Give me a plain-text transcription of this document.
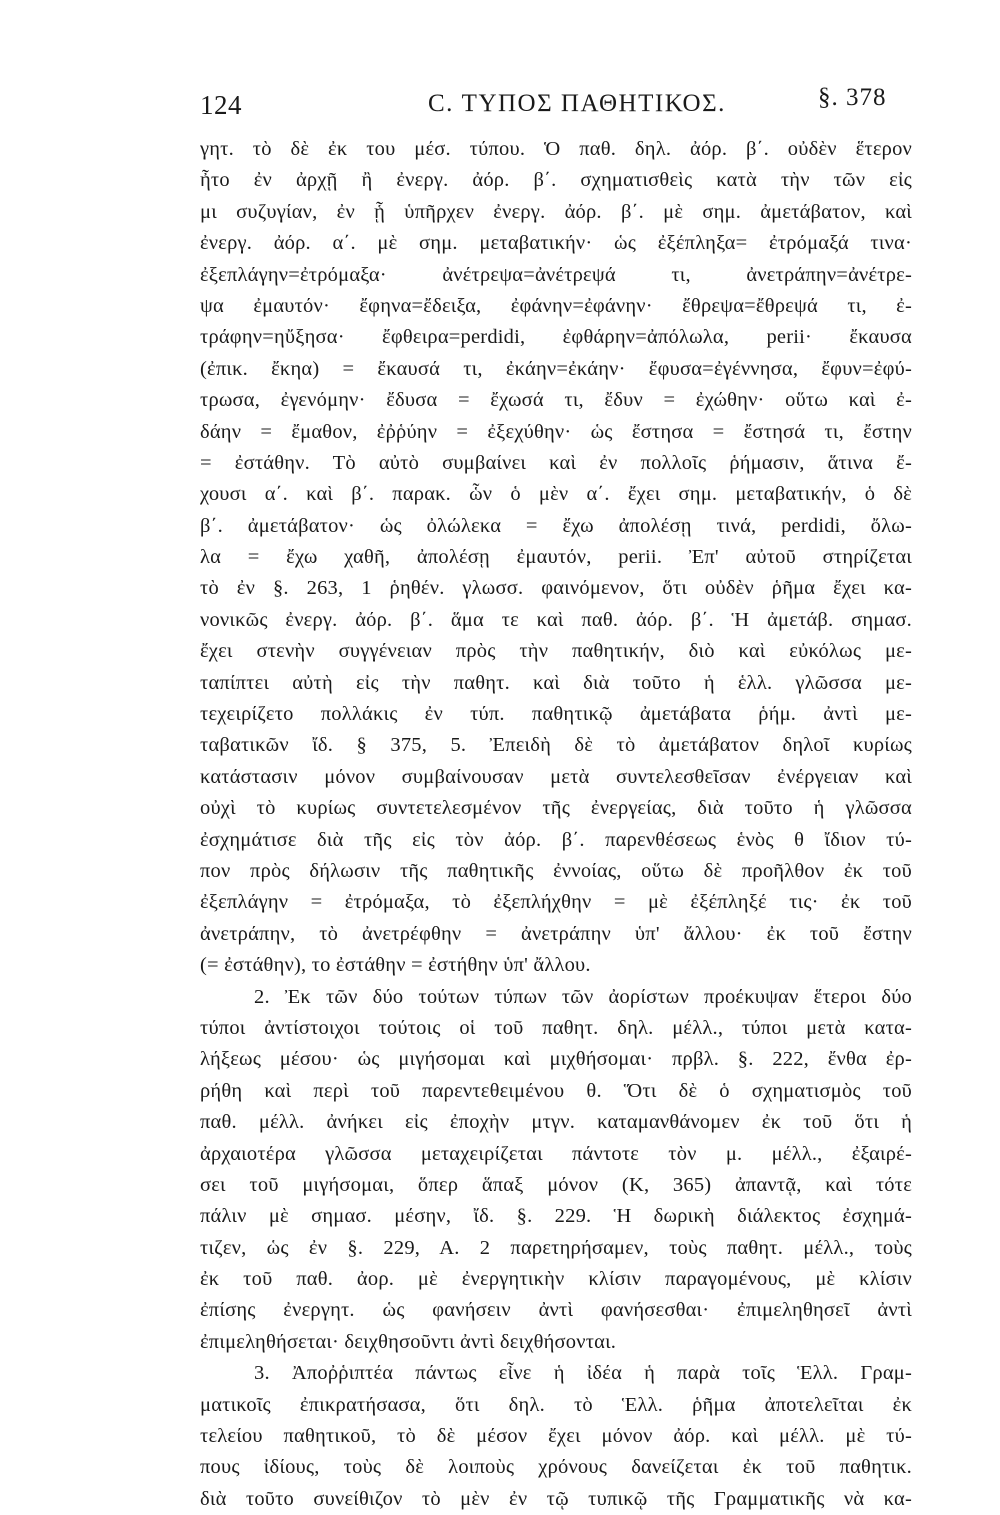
124	C. ΤΥΠΟΣ ΠΑΘΗΤΙΚΟΣ.	§. 378
γητ. τὸ δὲ ἐκ του μέσ. τύπου. Ὁ παθ. δηλ. ἀόρ. β΄. οὐδὲν ἕτερον
ἦτο ἐν ἀρχῇ ἢ ἐνεργ. ἀόρ. β΄. σχηματισθεὶς κατὰ τὴν τῶν εἰς
μι συζυγίαν, ἐν ᾗ ὑπῆρχεν ἐνεργ. ἀόρ. β΄. μὲ σημ. ἀμετάβατον, καὶ
ἐνεργ. ἀόρ. α΄. μὲ σημ. μεταβατικήν· ὡς ἐξέπληξα= ἐτρόμαξά τινα·
ἐξεπλάγην=ἐτρόμαξα· ἀνέτρεψα=ἀνέτρεψά τι, ἀνετράπην=ἀνέτρε-
ψα ἐμαυτόν· ἔφηνα=ἔδειξα, ἐφάνην=ἐφάνην· ἔθρεψα=ἔθρεψά τι, ἐ-
τράφην=ηὔξησα· ἔφθειρα=perdidi, ἐφθάρην=ἀπόλωλα, perii· ἔκαυσα
(ἐπικ. ἔκηα) = ἔκαυσά τι, ἐκάην=ἐκάην· ἔφυσα=ἐγέννησα, ἔφυν=ἐφύ-
τρωσα, ἐγενόμην· ἔδυσα = ἔχωσά τι, ἔδυν = ἐχώθην· οὕτω καὶ ἐ-
δάην = ἔμαθον, ἐῤῥύην = ἐξεχύθην· ὡς ἔστησα = ἔστησά τι, ἔστην
= ἐστάθην. Τὸ αὐτὸ συμβαίνει καὶ ἐν πολλοῖς ῥήμασιν, ἅτινα ἔ-
χουσι α΄. καὶ β΄. παρακ. ὧν ὁ μὲν α΄. ἔχει σημ. μεταβατικήν, ὁ δὲ
β΄. ἀμετάβατον· ὡς ὀλώλεκα = ἔχω ἀπολέσῃ τινά, perdidi, ὄλω-
λα = ἔχω χαθῆ, ἀπολέσῃ ἐμαυτόν, perii. Ἐπ' αὐτοῦ στηρίζεται
τὸ ἐν §. 263, 1 ῥηθέν. γλωσσ. φαινόμενον, ὅτι οὐδὲν ῥῆμα ἔχει κα-
νονικῶς ἐνεργ. ἀόρ. β΄. ἅμα τε καὶ παθ. ἀόρ. β΄. Ἡ ἀμετάβ. σημασ.
ἔχει στενὴν συγγένειαν πρὸς τὴν παθητικήν, διὸ καὶ εὐκόλως με-
ταπίπτει αὐτὴ εἰς τὴν παθητ. καὶ διὰ τοῦτο ἡ ἑλλ. γλῶσσα με-
τεχειρίζετο πολλάκις ἐν τύπ. παθητικῷ ἀμετάβατα ῥήμ. ἀντὶ με-
ταβατικῶν ἴδ. § 375, 5. Ἐπειδὴ δὲ τὸ ἀμετάβατον δηλοῖ κυρίως
κατάστασιν μόνον συμβαίνουσαν μετὰ συντελεσθεῖσαν ἐνέργειαν καὶ
οὐχὶ τὸ κυρίως συντετελεσμένον τῆς ἐνεργείας, διὰ τοῦτο ἡ γλῶσσα
ἐσχημάτισε διὰ τῆς εἰς τὸν ἀόρ. β΄. παρενθέσεως ἑνὸς θ ἴδιον τύ-
πον πρὸς δήλωσιν τῆς παθητικῆς ἐννοίας, οὕτω δὲ προῆλθον ἐκ τοῦ
ἐξεπλάγην = ἐτρόμαξα, τὸ ἐξεπλήχθην = μὲ ἐξέπληξέ τις· ἐκ τοῦ
ἀνετράπην, τὸ ἀνετρέφθην = ἀνετράπην ὑπ' ἄλλου· ἐκ τοῦ ἔστην
(= ἐστάθην), το ἐστάθην = ἐστήθην ὑπ' ἄλλου.
2. Ἐκ τῶν δύο τούτων τύπων τῶν ἀορίστων προέκυψαν ἕτεροι δύο
τύποι ἀντίστοιχοι τούτοις οἱ τοῦ παθητ. δηλ. μέλλ., τύποι μετὰ κατα-
λήξεως μέσου· ὡς μιγήσομαι καὶ μιχθήσομαι· πρβλ. §. 222, ἔνθα ἐρ-
ρήθη καὶ περὶ τοῦ παρεντεθειμένου θ. Ὅτι δὲ ὁ σχηματισμὸς τοῦ
παθ. μέλλ. ἀνήκει εἰς ἐποχὴν μτγν. καταμανθάνομεν ἐκ τοῦ ὅτι ἡ
ἀρχαιοτέρα γλῶσσα μεταχειρίζεται πάντοτε τὸν μ. μέλλ., ἐξαιρέ-
σει τοῦ μιγήσομαι, ὅπερ ἅπαξ μόνον (Κ, 365) ἀπαντᾷ, καὶ τότε
πάλιν μὲ σημασ. μέσην, ἴδ. §. 229. Ἡ δωρικὴ διάλεκτος ἐσχημά-
τιζεν, ὡς ἐν §. 229, Α. 2 παρετηρήσαμεν, τοὺς παθητ. μέλλ., τοὺς
ἐκ τοῦ παθ. ἀορ. μὲ ἐνεργητικὴν κλίσιν παραγομένους, μὲ κλίσιν
ἐπίσης ἐνεργητ. ὡς φανήσειν ἀντὶ φανήσεσθαι· ἐπιμεληθησεῖ ἀντὶ
ἐπιμεληθήσεται· δειχθησοῦντι ἀντὶ δειχθήσονται.
3. Ἀποῤῥιπτέα πάντως εἶνε ἡ ἰδέα ἡ παρὰ τοῖς Ἑλλ. Γραμ-
ματικοῖς ἐπικρατήσασα, ὅτι δηλ. τὸ Ἑλλ. ῥῆμα ἀποτελεῖται ἐκ
τελείου παθητικοῦ, τὸ δὲ μέσον ἔχει μόνον ἀόρ. καὶ μέλλ. μὲ τύ-
πους ἰδίους, τοὺς δὲ λοιποὺς χρόνους δανείζεται ἐκ τοῦ παθητικ.
διὰ τοῦτο συνείθιζον τὸ μὲν ἐν τῷ τυπικῷ τῆς Γραμματικῆς νὰ κα-
